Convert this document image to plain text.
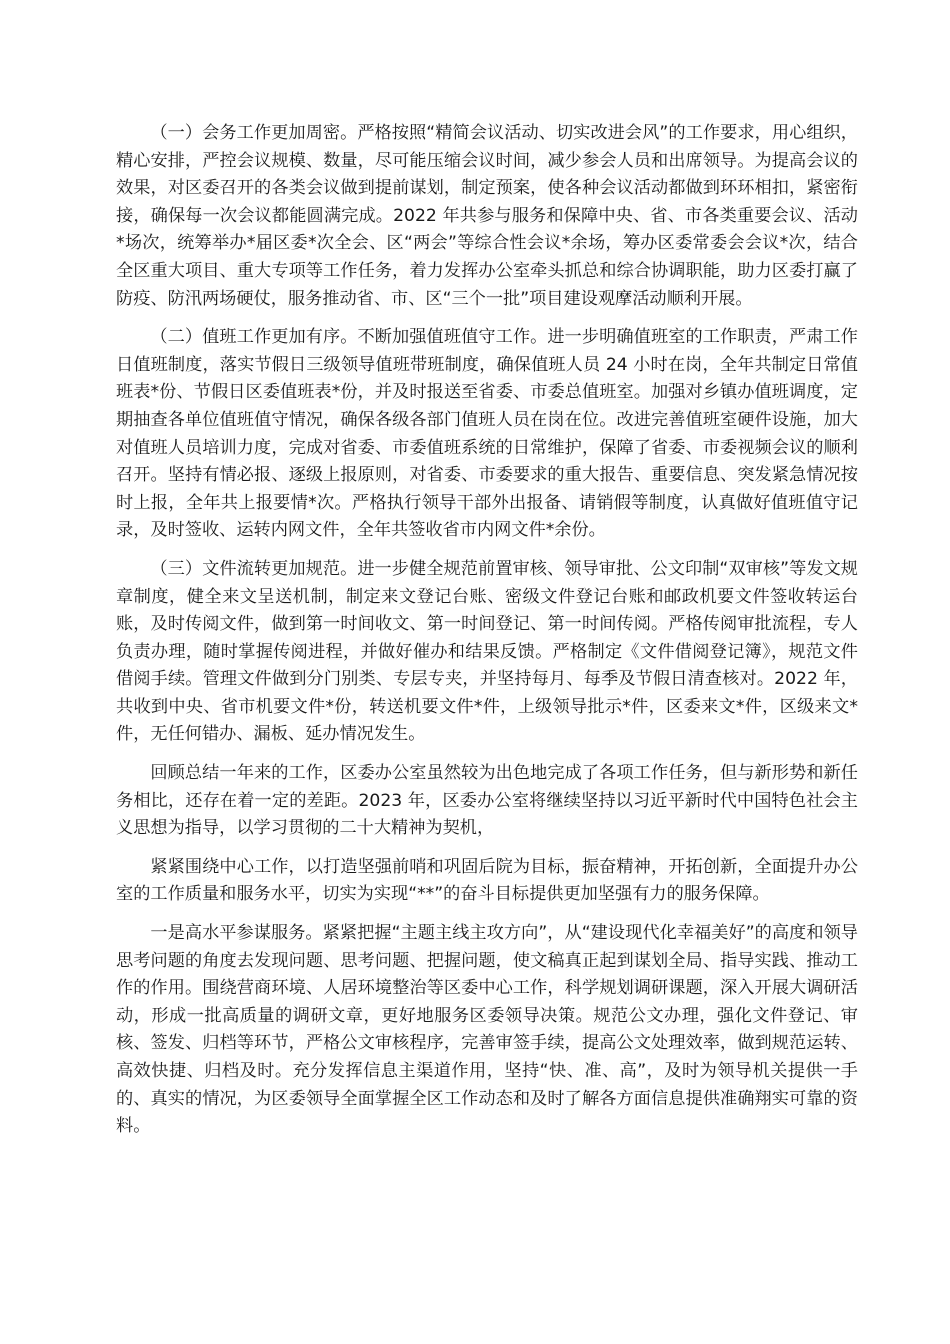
（一）会务工作更加周密。严格按照“精简会议活动、切实改进会风”的工作要求，用心组织，精心安排，严控会议规模、数量，尽可能压缩会议时间，减少参会人员和出席领导。为提高会议的效果，对区委召开的各类会议做到提前谋划，制定预案，使各种会议活动都做到环环相扣，紧密衔接，确保每一次会议都能圆满完成。2022 年共参与服务和保障中央、省、市各类重要会议、活动*场次，统筹举办*届区委*次全会、区“两会”等综合性会议*余场，筹办区委常委会会议*次，结合全区重大项目、重大专项等工作任务，着力发挥办公室牵头抓总和综合协调职能，助力区委打赢了防疫、防汛两场硬仗，服务推动省、市、区“三个一批”项目建设观摩活动顺利开展。

（二）值班工作更加有序。不断加强值班值守工作。进一步明确值班室的工作职责，严肃工作日值班制度，落实节假日三级领导值班带班制度，确保值班人员 24 小时在岗，全年共制定日常值班表*份、节假日区委值班表*份，并及时报送至省委、市委总值班室。加强对乡镇办值班调度，定期抽查各单位值班值守情况，确保各级各部门值班人员在岗在位。改进完善值班室硬件设施，加大对值班人员培训力度，完成对省委、市委值班系统的日常维护，保障了省委、市委视频会议的顺利召开。坚持有情必报、逐级上报原则，对省委、市委要求的重大报告、重要信息、突发紧急情况按时上报，全年共上报要情*次。严格执行领导干部外出报备、请销假等制度，认真做好值班值守记录，及时签收、运转内网文件，全年共签收省市内网文件*余份。

（三）文件流转更加规范。进一步健全规范前置审核、领导审批、公文印制“双审核”等发文规章制度，健全来文呈送机制，制定来文登记台账、密级文件登记台账和邮政机要文件签收转运台账，及时传阅文件，做到第一时间收文、第一时间登记、第一时间传阅。严格传阅审批流程，专人负责办理，随时掌握传阅进程，并做好催办和结果反馈。严格制定《文件借阅登记簿》，规范文件借阅手续。管理文件做到分门别类、专层专夹，并坚持每月、每季及节假日清查核对。2022 年，共收到中央、省市机要文件*份，转送机要文件*件，上级领导批示*件，区委来文*件，区级来文*件，无任何错办、漏板、延办情况发生。

回顾总结一年来的工作，区委办公室虽然较为出色地完成了各项工作任务，但与新形势和新任务相比，还存在着一定的差距。2023 年，区委办公室将继续坚持以习近平新时代中国特色社会主义思想为指导，以学习贯彻的二十大精神为契机，

紧紧围绕中心工作，以打造坚强前哨和巩固后院为目标，振奋精神，开拓创新，全面提升办公室的工作质量和服务水平，切实为实现“**”的奋斗目标提供更加坚强有力的服务保障。

一是高水平参谋服务。紧紧把握“主题主线主攻方向”，从“建设现代化幸福美好”的高度和领导思考问题的角度去发现问题、思考问题、把握问题，使文稿真正起到谋划全局、指导实践、推动工作的作用。围绕营商环境、人居环境整治等区委中心工作，科学规划调研课题，深入开展大调研活动，形成一批高质量的调研文章，更好地服务区委领导决策。规范公文办理，强化文件登记、审核、签发、归档等环节，严格公文审核程序，完善审签手续，提高公文处理效率，做到规范运转、高效快捷、归档及时。充分发挥信息主渠道作用，坚持“快、准、高”，及时为领导机关提供一手的、真实的情况，为区委领导全面掌握全区工作动态和及时了解各方面信息提供准确翔实可靠的资料。
